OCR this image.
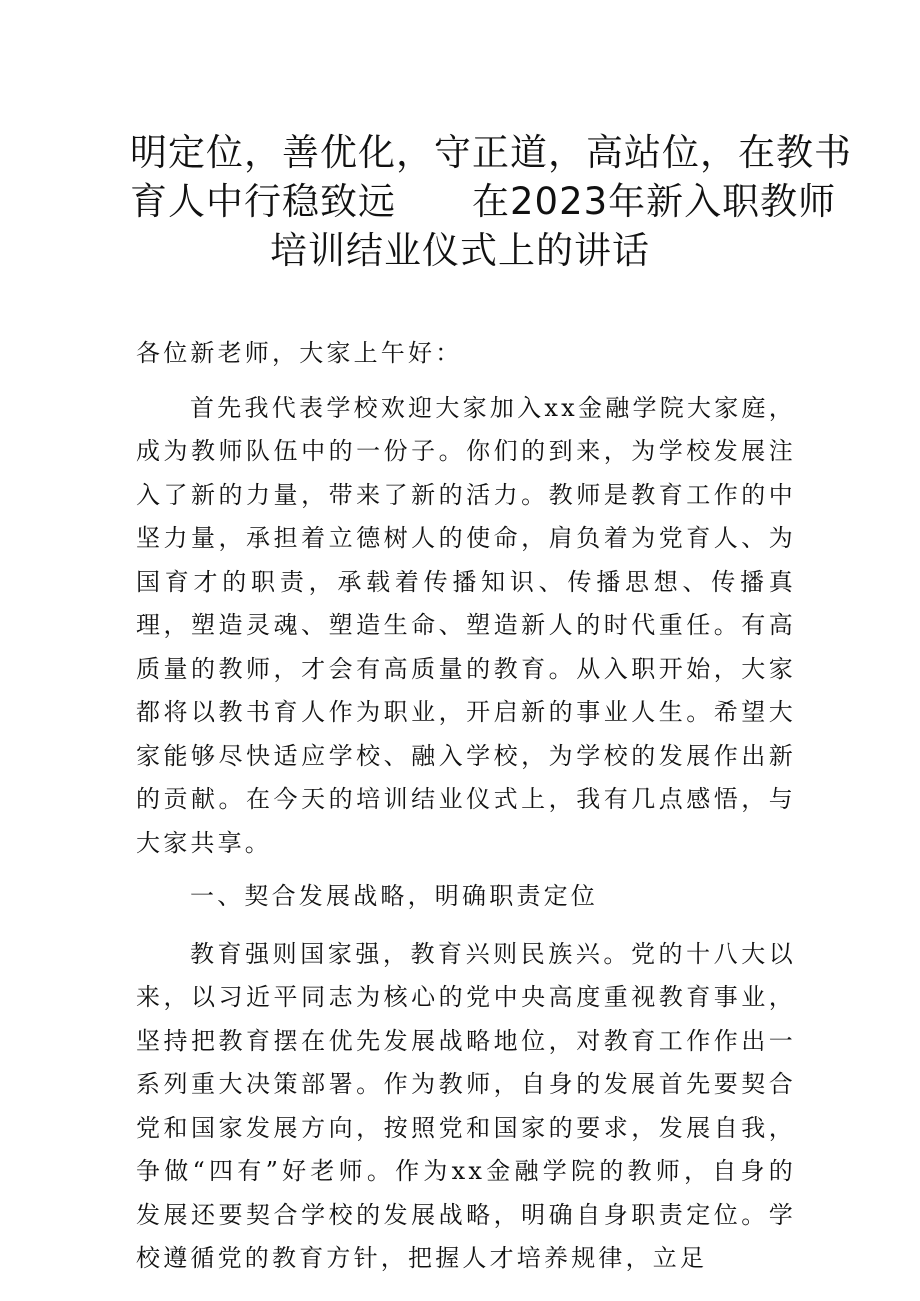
明定位，善优化，守正道，高站位，在教书
育人中行稳致远　　在2023年新入职教师
培训结业仪式上的讲话

各位新老师，大家上午好：

首先我代表学校欢迎大家加入xx金融学院大家庭，成为教师队伍中的一份子。你们的到来，为学校发展注入了新的力量，带来了新的活力。教师是教育工作的中坚力量，承担着立德树人的使命，肩负着为党育人、为国育才的职责，承载着传播知识、传播思想、传播真理，塑造灵魂、塑造生命、塑造新人的时代重任。有高质量的教师，才会有高质量的教育。从入职开始，大家都将以教书育人作为职业，开启新的事业人生。希望大家能够尽快适应学校、融入学校，为学校的发展作出新的贡献。在今天的培训结业仪式上，我有几点感悟，与大家共享。

一、契合发展战略，明确职责定位

教育强则国家强，教育兴则民族兴。党的十八大以来，以习近平同志为核心的党中央高度重视教育事业，坚持把教育摆在优先发展战略地位，对教育工作作出一系列重大决策部署。作为教师，自身的发展首先要契合党和国家发展方向，按照党和国家的要求，发展自我，争做“四有”好老师。作为xx金融学院的教师，自身的发展还要契合学校的发展战略，明确自身职责定位。学校遵循党的教育方针，把握人才培养规律，立足
